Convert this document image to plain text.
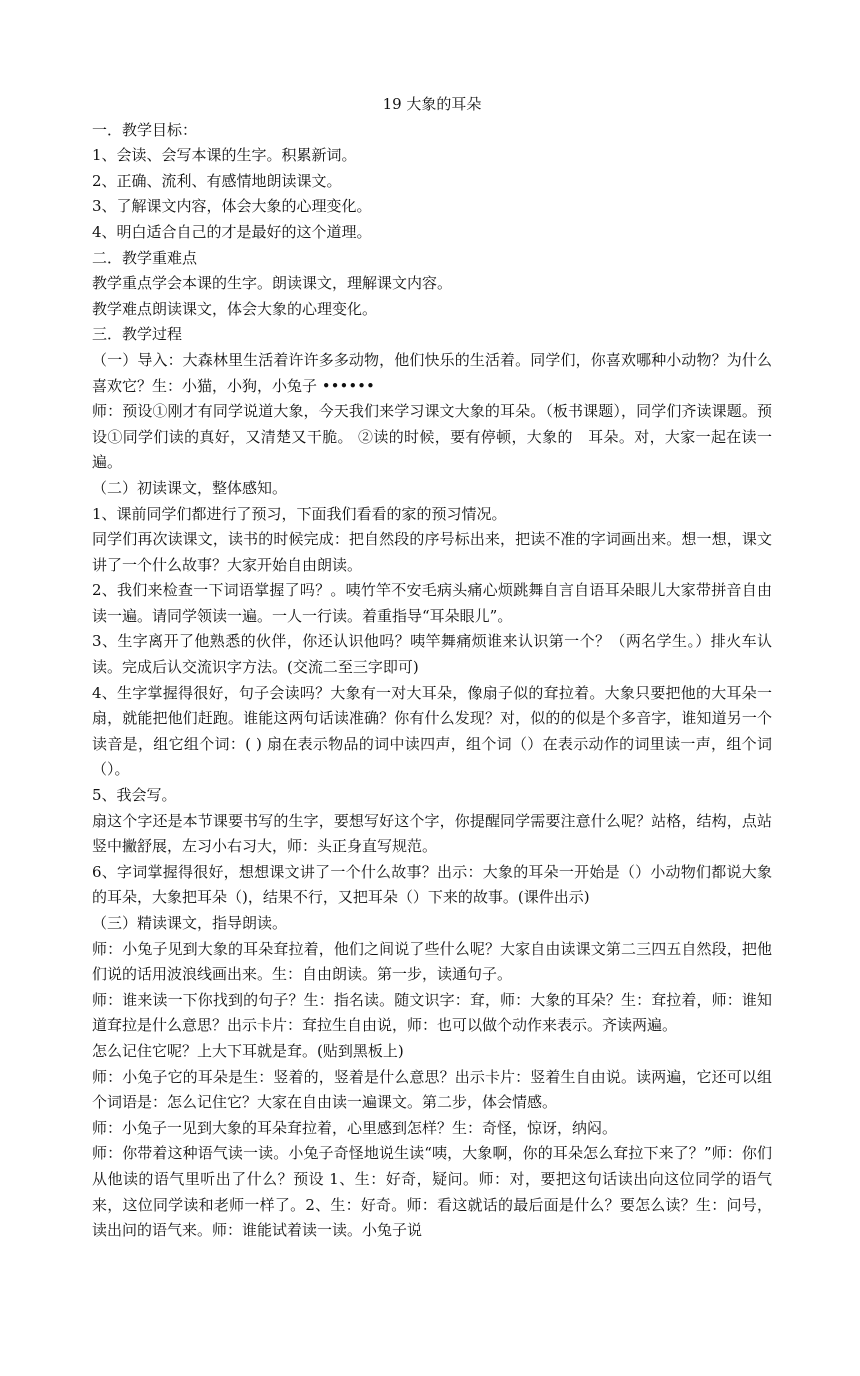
19 大象的耳朵

一．教学目标：

1、会读、会写本课的生字。积累新词。

2、正确、流利、有感情地朗读课文。

3、了解课文内容，体会大象的心理变化。

4、明白适合自己的才是最好的这个道理。

二．教学重难点

教学重点学会本课的生字。朗读课文，理解课文内容。

教学难点朗读课文，体会大象的心理变化。

三．教学过程

（一）导入：大森林里生活着许许多多动物，他们快乐的生活着。同学们，你喜欢哪种小动物？为什么喜欢它？生：小猫，小狗，小兔子 ••••••

师：预设①刚才有同学说道大象，今天我们来学习课文大象的耳朵。（板书课题），同学们齐读课题。预设①同学们读的真好，又清楚又干脆。 ②读的时候，要有停顿，大象的　耳朵。对，大家一起在读一遍。

（二）初读课文，整体感知。

1、课前同学们都进行了预习，下面我们看看的家的预习情况。

同学们再次读课文，读书的时候完成：把自然段的序号标出来，把读不准的字词画出来。想一想，课文讲了一个什么故事？大家开始自由朗读。

2、我们来检查一下词语掌握了吗？。咦竹竿不安毛病头痛心烦跳舞自言自语耳朵眼儿大家带拼音自由读一遍。请同学领读一遍。一人一行读。着重指导“耳朵眼儿”。

3、生字离开了他熟悉的伙伴，你还认识他吗？咦竿舞痛烦谁来认识第一个？（两名学生。）排火车认读。完成后认交流识字方法。(交流二至三字即可)

4、生字掌握得很好，句子会读吗？大象有一对大耳朵，像扇子似的耷拉着。大象只要把他的大耳朵一扇，就能把他们赶跑。谁能这两句话读准确？你有什么发现？对，似的的似是个多音字，谁知道另一个读音是，组它组个词：( ) 扇在表示物品的词中读四声，组个词（）在表示动作的词里读一声，组个词（）。

5、我会写。

扇这个字还是本节课要书写的生字，要想写好这个字，你提醒同学需要注意什么呢？站格，结构，点站竖中撇舒展，左习小右习大，师：头正身直写规范。

6、字词掌握得很好，想想课文讲了一个什么故事？出示：大象的耳朵一开始是（）小动物们都说大象的耳朵，大象把耳朵（)，结果不行，又把耳朵（）下来的故事。(课件出示)

（三）精读课文，指导朗读。

师：小兔子见到大象的耳朵耷拉着，他们之间说了些什么呢？大家自由读课文第二三四五自然段，把他们说的话用波浪线画出来。生：自由朗读。第一步，读通句子。

师：谁来读一下你找到的句子？生：指名读。随文识字：耷，师：大象的耳朵？生：耷拉着，师：谁知道耷拉是什么意思？出示卡片：耷拉生自由说，师：也可以做个动作来表示。齐读两遍。

怎么记住它呢？上大下耳就是耷。(贴到黑板上)

师：小兔子它的耳朵是生：竖着的，竖着是什么意思？出示卡片：竖着生自由说。读两遍，它还可以组个词语是：怎么记住它？大家在自由读一遍课文。第二步，体会情感。

师：小兔子一见到大象的耳朵耷拉着，心里感到怎样？生：奇怪，惊讶，纳闷。

师：你带着这种语气读一读。小兔子奇怪地说生读“咦，大象啊，你的耳朵怎么耷拉下来了？”师：你们从他读的语气里听出了什么？预设 1、生：好奇，疑问。师：对，要把这句话读出向这位同学的语气来，这位同学读和老师一样了。2、生：好奇。师：看这就话的最后面是什么？要怎么读？生：问号，读出问的语气来。师：谁能试着读一读。小兔子说
